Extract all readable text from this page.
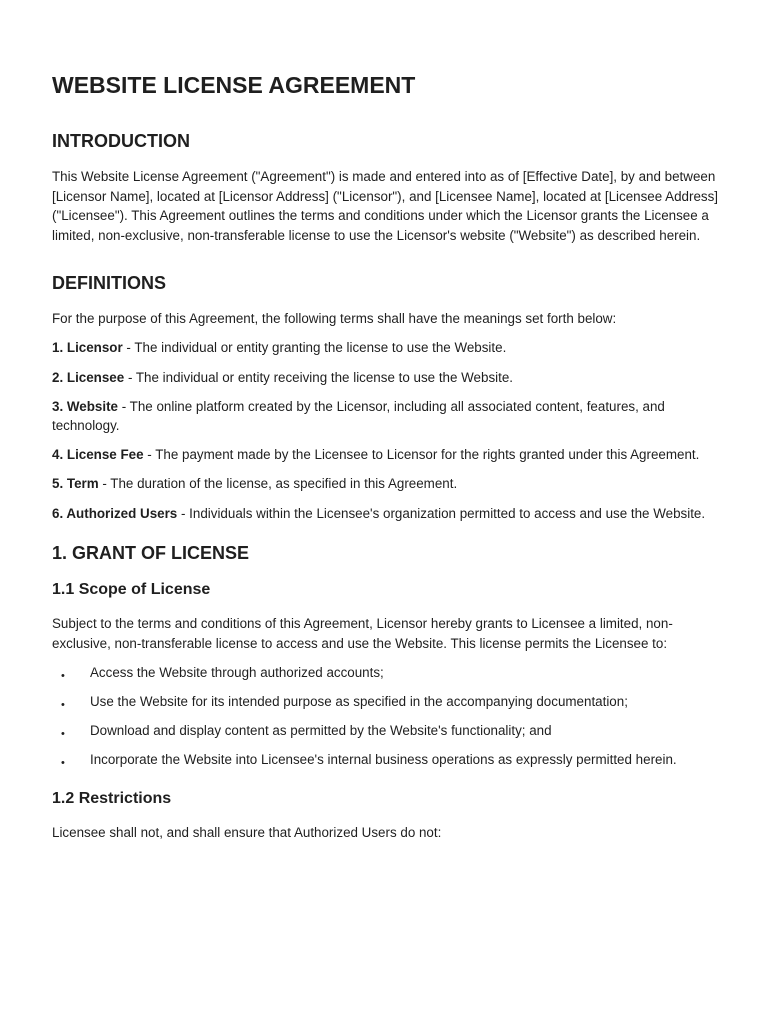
WEBSITE LICENSE AGREEMENT
INTRODUCTION

This Website License Agreement ("Agreement") is made and entered into as of [Effective Date], by and between [Licensor Name], located at [Licensor Address] ("Licensor"), and [Licensee Name], located at [Licensee Address] ("Licensee"). This Agreement outlines the terms and conditions under which the Licensor grants the Licensee a limited, non-exclusive, non-transferable license to use the Licensor's website ("Website") as described herein.

DEFINITIONS

For the purpose of this Agreement, the following terms shall have the meanings set forth below:

1. Licensor - The individual or entity granting the license to use the Website.

2. Licensee - The individual or entity receiving the license to use the Website.

3. Website - The online platform created by the Licensor, including all associated content, features, and technology.

4. License Fee - The payment made by the Licensee to Licensor for the rights granted under this Agreement.

5. Term - The duration of the license, as specified in this Agreement.

6. Authorized Users - Individuals within the Licensee's organization permitted to access and use the Website.

1. GRANT OF LICENSE
1.1 Scope of License

Subject to the terms and conditions of this Agreement, Licensor hereby grants to Licensee a limited, non-exclusive, non-transferable license to access and use the Website. This license permits the Licensee to:

• Access the Website through authorized accounts;
• Use the Website for its intended purpose as specified in the accompanying documentation;
• Download and display content as permitted by the Website's functionality; and
• Incorporate the Website into Licensee's internal business operations as expressly permitted herein.
1.2 Restrictions

Licensee shall not, and shall ensure that Authorized Users do not:
